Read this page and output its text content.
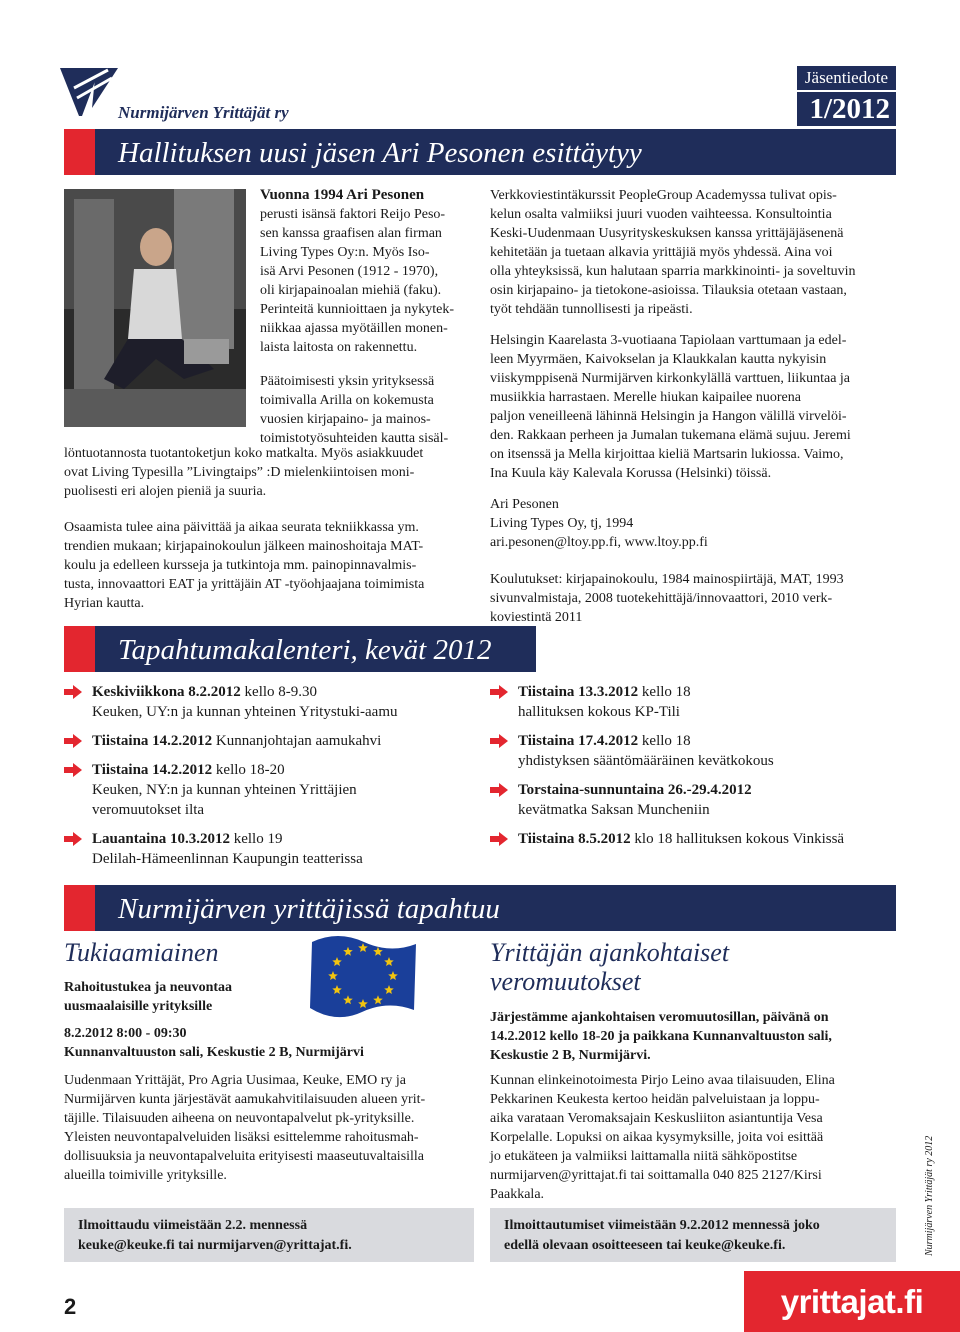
Nurmijärven Yrittäjät ry
Jäsentiedote
1/2012
Hallituksen uusi jäsen Ari Pesonen esittäytyy

Vuonna 1994 Ari Pesonen

perusti isänsä faktori Reijo Peso-
sen kanssa graafisen alan firman
Living Types Oy:n. Myös Iso-
isä Arvi Pesonen (1912 - 1970),
oli kirjapainoalan miehiä (faku).
Perinteitä kunnioittaen ja nykytek-
niikkaa ajassa myötäillen monen-
laista laitosta on rakennettu.
Päätoimisesti yksin yrityksessä
toimivalla Arilla on kokemusta
vuosien kirjapaino- ja mainos-
toimistotyösuhteiden kautta sisäl-
löntuotannosta tuotantoketjun koko matkalta. Myös asiakkuudet
ovat Living Typesilla ”Livingtaips” :D mielenkiintoisen moni-
puolisesti eri alojen pieniä ja suuria.
Osaamista tulee aina päivittää ja aikaa seurata tekniikkassa ym.
trendien mukaan; kirjapainokoulun jälkeen mainoshoitaja MAT-
koulu ja edelleen kursseja ja tutkintoja mm. painopinnavalmis-
tusta, innovaattori EAT ja yrittäjäin AT -työohjaajana toimimista
Hyrian kautta.
Verkkoviestintäkurssit PeopleGroup Academyssa tulivat opis-
kelun osalta valmiiksi juuri vuoden vaihteessa. Konsultointia
Keski-Uudenmaan Uusyrityskeskuksen kanssa yrittäjäjäsenenä
kehitetään ja tuetaan alkavia yrittäjiä myös yhdessä. Aina voi
olla yhteyksissä, kun halutaan sparria markkinointi- ja soveltuvin
osin kirjapaino- ja tietokone-asioissa. Tilauksia otetaan vastaan,
työt tehdään tunnollisesti ja ripeästi.
Helsingin Kaarelasta 3-vuotiaana Tapiolaan varttumaan ja edel-
leen Myyrmäen, Kaivokselan ja Klaukkalan kautta nykyisin
viiskymppisenä Nurmijärven kirkonkylällä varttuen, liikuntaa ja
musiikkia harrastaen. Merelle hiukan kaipailee nuorena
paljon veneilleenä lähinnä Helsingin ja Hangon välillä virvelöi-
den. Rakkaan perheen ja Jumalan tukemana elämä sujuu. Jeremi
on itsenssä ja Mella kirjoittaa kieliä Martsarin lukiossa. Vaimo,
Ina Kuula käy Kalevala Korussa (Helsinki) töissä.
Ari Pesonen
Living Types Oy, tj, 1994
ari.pesonen@ltoy.pp.fi, www.ltoy.pp.fi
Koulutukset: kirjapainokoulu, 1984 mainospiirtäjä, MAT, 1993
sivunvalmistaja, 2008 tuotekehittäjä/innovaattori, 2010 verk-
koviestintä 2011
Tapahtumakalenteri, kevät 2012
Keskiviikkona 8.2.2012 kello 8-9.30
Keuken, UY:n ja kunnan yhteinen Yritystuki-aamu
Tiistaina 14.2.2012 Kunnanjohtajan aamukahvi
Tiistaina 14.2.2012 kello 18-20
Keuken, NY:n ja kunnan yhteinen Yrittäjien
veromuutokset ilta
Lauantaina 10.3.2012 kello 19
Delilah-Hämeenlinnan Kaupungin teatterissa
Tiistaina 13.3.2012 kello 18
hallituksen kokous KP-Tili
Tiistaina 17.4.2012 kello 18
yhdistyksen sääntömääräinen kevätkokous
Torstaina-sunnuntaina 26.-29.4.2012
kevätmatka Saksan Muncheniin
Tiistaina 8.5.2012 klo 18 hallituksen kokous Vinkissä
Nurmijärven yrittäjissä tapahtuu
Tukiaamiainen
Rahoitustukea ja neuvontaa
uusmaalaisille yrityksille
8.2.2012 8:00 - 09:30
Kunnanvaltuuston sali, Keskustie 2 B, Nurmijärvi
Uudenmaan Yrittäjät, Pro Agria Uusimaa, Keuke, EMO ry ja
Nurmijärven kunta järjestävät aamukahvitilaisuuden alueen yrit-
täjille. Tilaisuuden aiheena on neuvontapalvelut pk-yrityksille.
Yleisten neuvontapalveluiden lisäksi esittelemme rahoitusmah-
dollisuuksia ja neuvontapalveluita erityisesti maaseutuvaltaisilla
alueilla toimiville yrityksille.
Ilmoittaudu viimeistään 2.2. mennessä
keuke@keuke.fi tai nurmijarven@yrittajat.fi.
Yrittäjän ajankohtaiset
veromuutokset
Järjestämme ajankohtaisen veromuutosillan, päivänä on
14.2.2012 kello 18-20 ja paikkana Kunnanvaltuuston sali,
Keskustie 2 B, Nurmijärvi.
Kunnan elinkeinotoimesta Pirjo Leino avaa tilaisuuden, Elina
Pekkarinen Keukesta kertoo heidän palveluistaan ja loppu-
aika varataan Veromaksajain Keskusliiton asiantuntija Vesa
Korpelalle. Lopuksi on aikaa kysymyksille, joita voi esittää
jo etukäteen ja valmiiksi laittamalla niitä sähköpostitse
nurmijarven@yrittajat.fi tai soittamalla 040 825 2127/Kirsi
Paakkala.
Ilmoittautumiset viimeistään 9.2.2012 mennessä joko
edellä olevaan osoitteeseen tai keuke@keuke.fi.	Nurmijärven Yrittäjät ry 2012
2	yrittajat.fi
